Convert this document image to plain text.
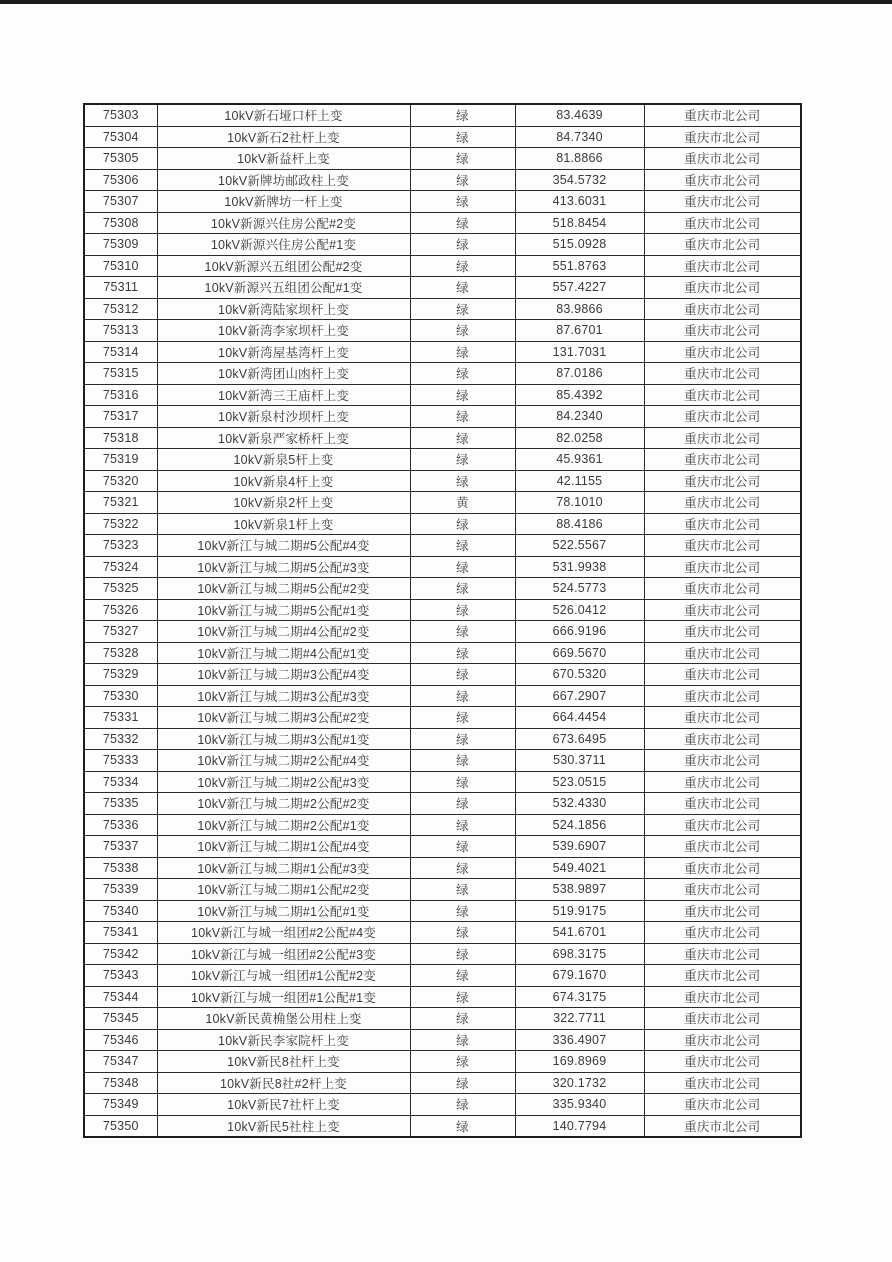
75303	10kV新石垭口杆上变	绿	83.4639	重庆市北公司
75304	10kV新石2社杆上变	绿	84.7340	重庆市北公司
75305	10kV新益杆上变	绿	81.8866	重庆市北公司
75306	10kV新牌坊邮政柱上变	绿	354.5732	重庆市北公司
75307	10kV新牌坊一杆上变	绿	413.6031	重庆市北公司
75308	10kV新源兴住房公配#2变	绿	518.8454	重庆市北公司
75309	10kV新源兴住房公配#1变	绿	515.0928	重庆市北公司
75310	10kV新源兴五组团公配#2变	绿	551.8763	重庆市北公司
75311	10kV新源兴五组团公配#1变	绿	557.4227	重庆市北公司
75312	10kV新湾陆家坝杆上变	绿	83.9866	重庆市北公司
75313	10kV新湾李家坝杆上变	绿	87.6701	重庆市北公司
75314	10kV新湾屋基湾杆上变	绿	131.7031	重庆市北公司
75315	10kV新湾团山凼杆上变	绿	87.0186	重庆市北公司
75316	10kV新湾三王庙杆上变	绿	85.4392	重庆市北公司
75317	10kV新泉村沙坝杆上变	绿	84.2340	重庆市北公司
75318	10kV新泉严家桥杆上变	绿	82.0258	重庆市北公司
75319	10kV新泉5杆上变	绿	45.9361	重庆市北公司
75320	10kV新泉4杆上变	绿	42.1155	重庆市北公司
75321	10kV新泉2杆上变	黄	78.1010	重庆市北公司
75322	10kV新泉1杆上变	绿	88.4186	重庆市北公司
75323	10kV新江与城二期#5公配#4变	绿	522.5567	重庆市北公司
75324	10kV新江与城二期#5公配#3变	绿	531.9938	重庆市北公司
75325	10kV新江与城二期#5公配#2变	绿	524.5773	重庆市北公司
75326	10kV新江与城二期#5公配#1变	绿	526.0412	重庆市北公司
75327	10kV新江与城二期#4公配#2变	绿	666.9196	重庆市北公司
75328	10kV新江与城二期#4公配#1变	绿	669.5670	重庆市北公司
75329	10kV新江与城二期#3公配#4变	绿	670.5320	重庆市北公司
75330	10kV新江与城二期#3公配#3变	绿	667.2907	重庆市北公司
75331	10kV新江与城二期#3公配#2变	绿	664.4454	重庆市北公司
75332	10kV新江与城二期#3公配#1变	绿	673.6495	重庆市北公司
75333	10kV新江与城二期#2公配#4变	绿	530.3711	重庆市北公司
75334	10kV新江与城二期#2公配#3变	绿	523.0515	重庆市北公司
75335	10kV新江与城二期#2公配#2变	绿	532.4330	重庆市北公司
75336	10kV新江与城二期#2公配#1变	绿	524.1856	重庆市北公司
75337	10kV新江与城二期#1公配#4变	绿	539.6907	重庆市北公司
75338	10kV新江与城二期#1公配#3变	绿	549.4021	重庆市北公司
75339	10kV新江与城二期#1公配#2变	绿	538.9897	重庆市北公司
75340	10kV新江与城二期#1公配#1变	绿	519.9175	重庆市北公司
75341	10kV新江与城一组团#2公配#4变	绿	541.6701	重庆市北公司
75342	10kV新江与城一组团#2公配#3变	绿	698.3175	重庆市北公司
75343	10kV新江与城一组团#1公配#2变	绿	679.1670	重庆市北公司
75344	10kV新江与城一组团#1公配#1变	绿	674.3175	重庆市北公司
75345	10kV新民黄桷堡公用柱上变	绿	322.7711	重庆市北公司
75346	10kV新民李家院杆上变	绿	336.4907	重庆市北公司
75347	10kV新民8社杆上变	绿	169.8969	重庆市北公司
75348	10kV新民8社#2杆上变	绿	320.1732	重庆市北公司
75349	10kV新民7社杆上变	绿	335.9340	重庆市北公司
75350	10kV新民5社柱上变	绿	140.7794	重庆市北公司
